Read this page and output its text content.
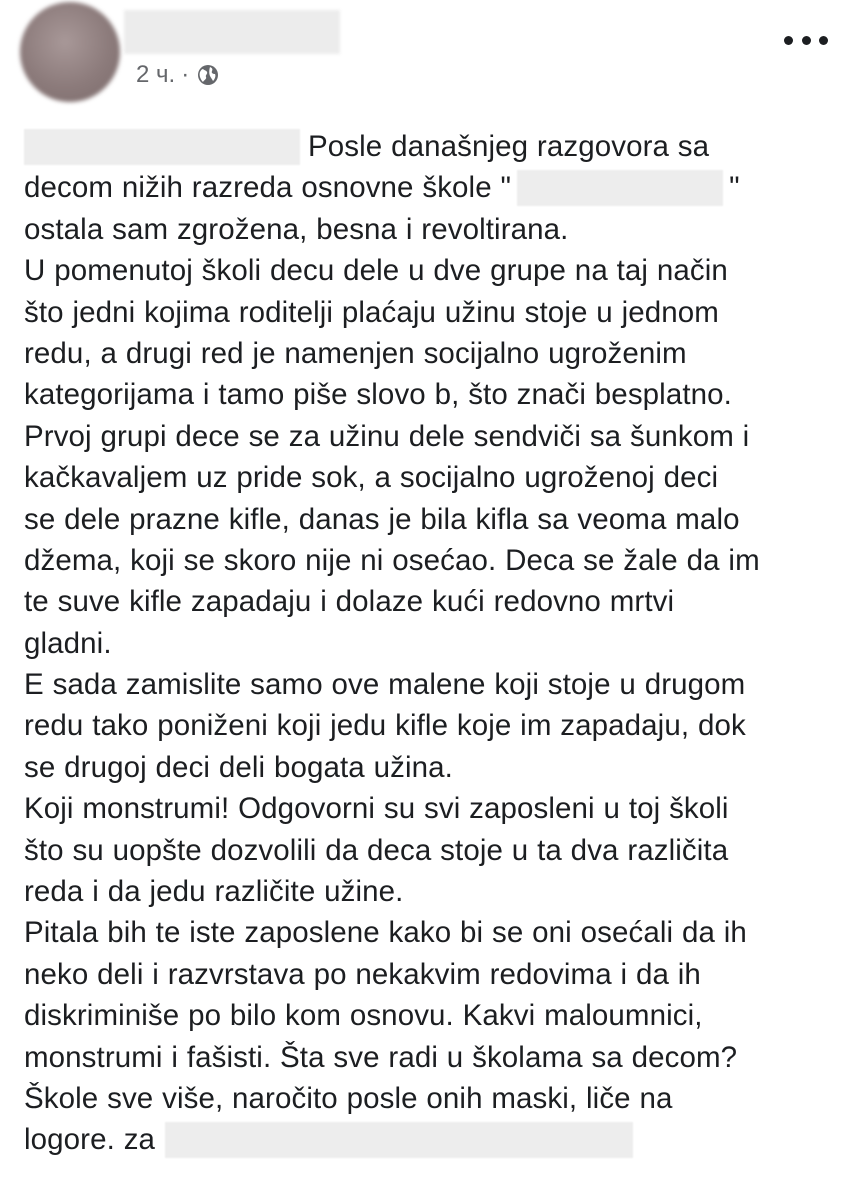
2 ч. ·
Posle današnjeg razgovora sa
decom nižih razreda osnovne škole "	"
ostala sam zgrožena, besna i revoltirana.
U pomenutoj školi decu dele u dve grupe na taj način
što jedni kojima roditelji plaćaju užinu stoje u jednom
redu, a drugi red je namenjen socijalno ugroženim
kategorijama i tamo piše slovo b, što znači besplatno.
Prvoj grupi dece se za užinu dele sendviči sa šunkom i
kačkavaljem uz pride sok, a socijalno ugroženoj deci
se dele prazne kifle, danas je bila kifla sa veoma malo
džema, koji se skoro nije ni osećao. Deca se žale da im
te suve kifle zapadaju i dolaze kući redovno mrtvi
gladni.
E sada zamislite samo ove malene koji stoje u drugom
redu tako poniženi koji jedu kifle koje im zapadaju, dok
se drugoj deci deli bogata užina.
Koji monstrumi! Odgovorni su svi zaposleni u toj školi
što su uopšte dozvolili da deca stoje u ta dva različita
reda i da jedu različite užine.
Pitala bih te iste zaposlene kako bi se oni osećali da ih
neko deli i razvrstava po nekakvim redovima i da ih
diskriminiše po bilo kom osnovu. Kakvi maloumnici,
monstrumi i fašisti. Šta sve radi u školama sa decom?
Škole sve više, naročito posle onih maski, liče na
logore. za
